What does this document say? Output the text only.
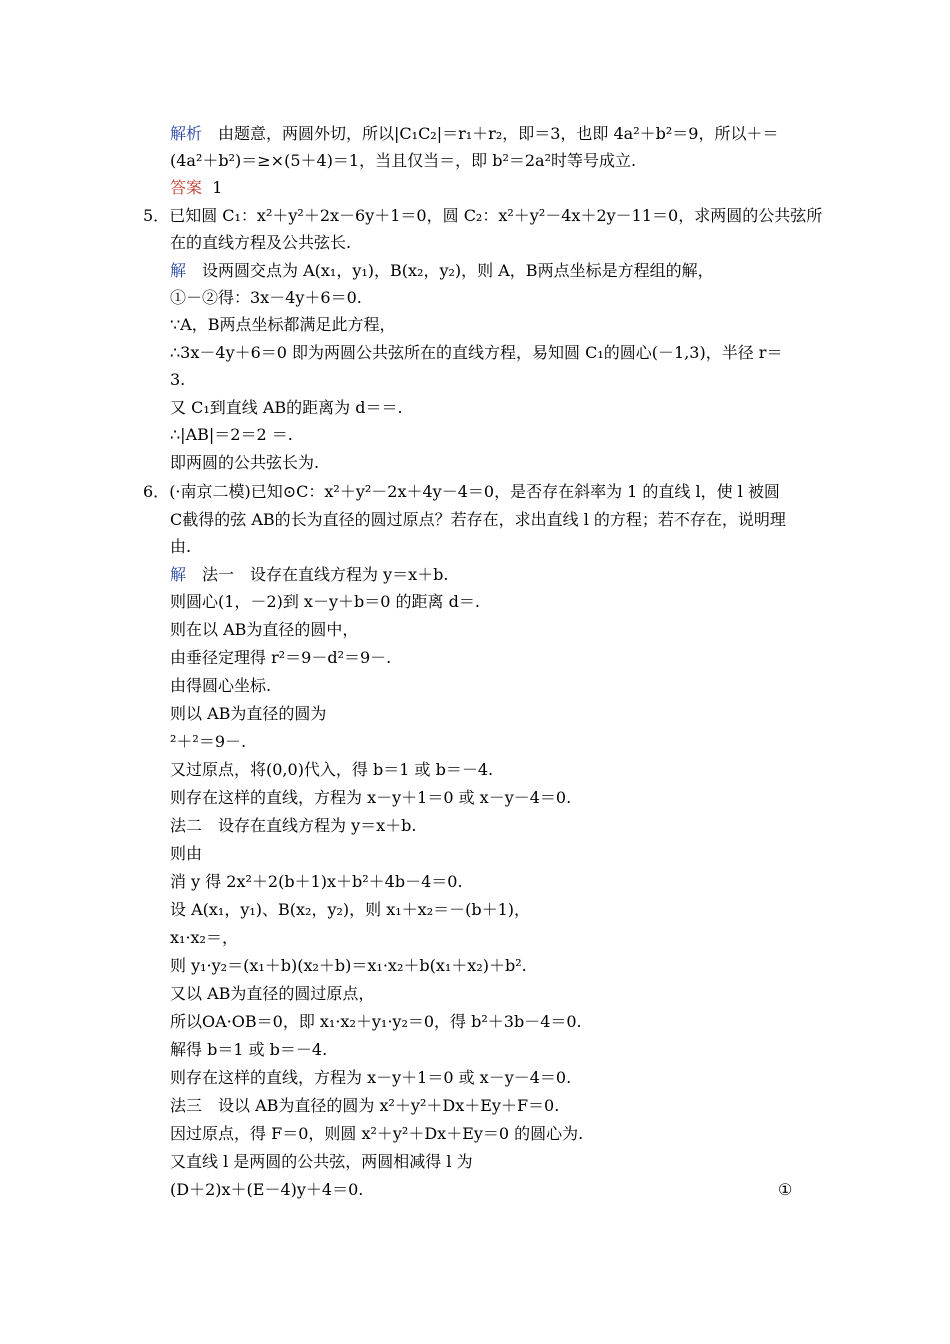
解析　由题意，两圆外切，所以|C₁C₂|＝r₁＋r₂，即＝3，也即 4a²＋b²＝9，所以＋＝
(4a²＋b²)＝≥×(5＋4)＝1，当且仅当＝，即 b²＝2a²时等号成立.
答案 1
5．已知圆 C₁：x²＋y²＋2x－6y＋1＝0，圆 C₂：x²＋y²－4x＋2y－11＝0，求两圆的公共弦所
在的直线方程及公共弦长.
解　设两圆交点为 A(x₁，y₁)，B(x₂，y₂)，则 A，B两点坐标是方程组的解，
①－②得：3x－4y＋6＝0.
∵A，B两点坐标都满足此方程，
∴3x－4y＋6＝0 即为两圆公共弦所在的直线方程，易知圆 C₁的圆心(－1,3)，半径 r＝
3.
又 C₁到直线 AB的距离为 d＝＝.
∴|AB|＝2＝2 ＝.
即两圆的公共弦长为.
6．(·南京二模)已知⊙C：x²＋y²－2x＋4y－4＝0，是否存在斜率为 1 的直线 l，使 l 被圆
C截得的弦 AB的长为直径的圆过原点？若存在，求出直线 l 的方程；若不存在，说明理
由.
解　法一　设存在直线方程为 y＝x＋b.
则圆心(1，－2)到 x－y＋b＝0 的距离 d＝.
则在以 AB为直径的圆中，
由垂径定理得 r²＝9－d²＝9－.
由得圆心坐标.
则以 AB为直径的圆为
²＋²＝9－.
又过原点，将(0,0)代入，得 b＝1 或 b＝－4.
则存在这样的直线，方程为 x－y＋1＝0 或 x－y－4＝0.
法二　设存在直线方程为 y＝x＋b.
则由
消 y 得 2x²＋2(b＋1)x＋b²＋4b－4＝0.
设 A(x₁，y₁)、B(x₂，y₂)，则 x₁＋x₂＝－(b＋1)，
x₁·x₂＝，
则 y₁·y₂＝(x₁＋b)(x₂＋b)＝x₁·x₂＋b(x₁＋x₂)＋b².
又以 AB为直径的圆过原点，
所以OA·OB＝0，即 x₁·x₂＋y₁·y₂＝0，得 b²＋3b－4＝0.
解得 b＝1 或 b＝－4.
则存在这样的直线，方程为 x－y＋1＝0 或 x－y－4＝0.
法三　设以 AB为直径的圆为 x²＋y²＋Dx＋Ey＋F＝0.
因过原点，得 F＝0，则圆 x²＋y²＋Dx＋Ey＝0 的圆心为.
又直线 l 是两圆的公共弦，两圆相减得 l 为
(D＋2)x＋(E－4)y＋4＝0.	①
